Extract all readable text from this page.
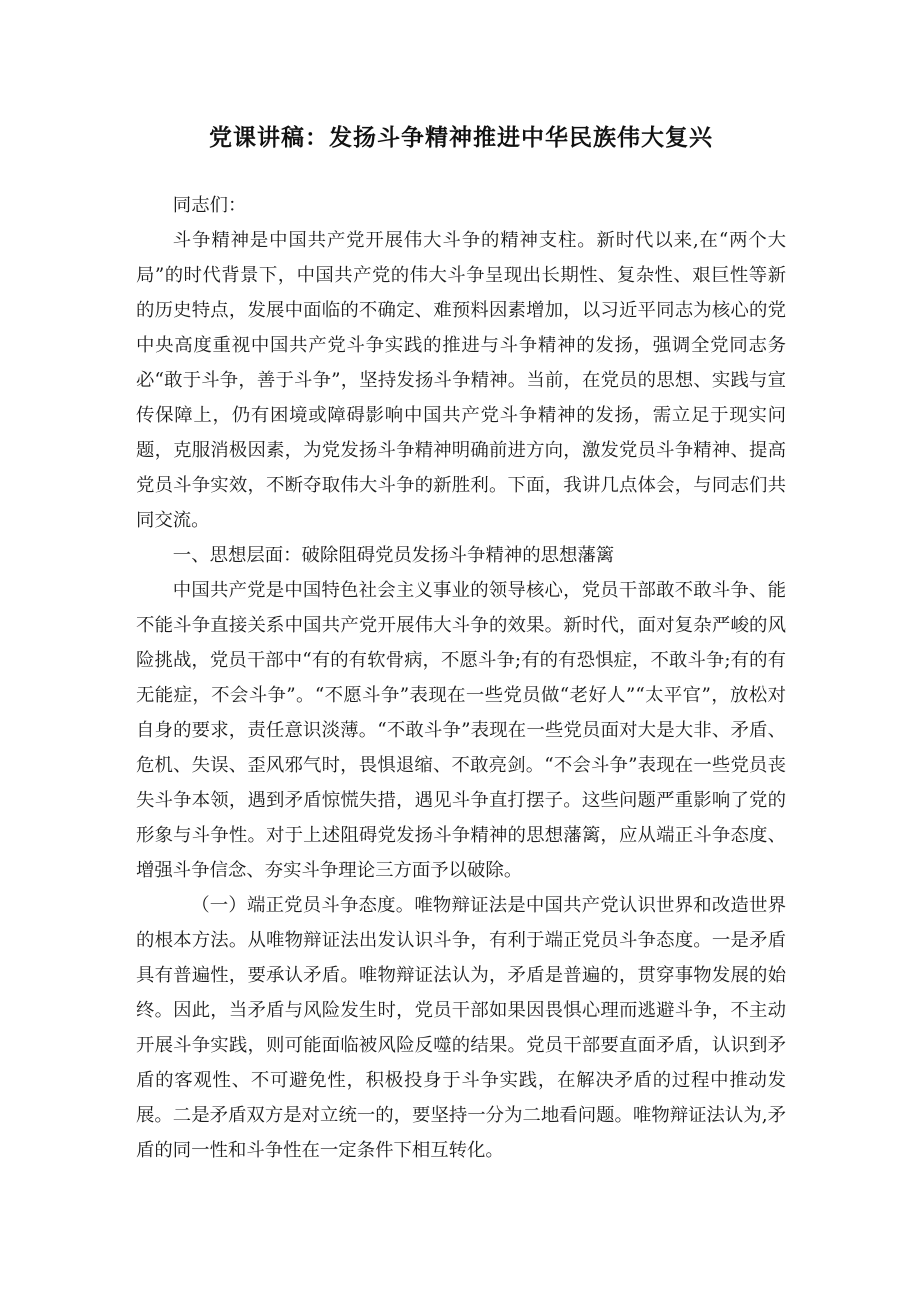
党课讲稿：发扬斗争精神推进中华民族伟大复兴

同志们：

斗争精神是中国共产党开展伟大斗争的精神支柱。新时代以来,在“两个大局”的时代背景下，中国共产党的伟大斗争呈现出长期性、复杂性、艰巨性等新的历史特点，发展中面临的不确定、难预料因素增加，以习近平同志为核心的党中央高度重视中国共产党斗争实践的推进与斗争精神的发扬，强调全党同志务必“敢于斗争，善于斗争”，坚持发扬斗争精神。当前，在党员的思想、实践与宣传保障上，仍有困境或障碍影响中国共产党斗争精神的发扬，需立足于现实问题，克服消极因素，为党发扬斗争精神明确前进方向，激发党员斗争精神、提高党员斗争实效，不断夺取伟大斗争的新胜利。下面，我讲几点体会，与同志们共同交流。

一、思想层面：破除阻碍党员发扬斗争精神的思想藩篱

中国共产党是中国特色社会主义事业的领导核心，党员干部敢不敢斗争、能不能斗争直接关系中国共产党开展伟大斗争的效果。新时代，面对复杂严峻的风险挑战，党员干部中“有的有软骨病，不愿斗争;有的有恐惧症，不敢斗争;有的有无能症，不会斗争”。“不愿斗争”表现在一些党员做“老好人”“太平官”，放松对自身的要求，责任意识淡薄。“不敢斗争”表现在一些党员面对大是大非、矛盾、危机、失误、歪风邪气时，畏惧退缩、不敢亮剑。“不会斗争”表现在一些党员丧失斗争本领，遇到矛盾惊慌失措，遇见斗争直打摆子。这些问题严重影响了党的形象与斗争性。对于上述阻碍党发扬斗争精神的思想藩篱，应从端正斗争态度、增强斗争信念、夯实斗争理论三方面予以破除。

（一）端正党员斗争态度。唯物辩证法是中国共产党认识世界和改造世界的根本方法。从唯物辩证法出发认识斗争，有利于端正党员斗争态度。一是矛盾具有普遍性，要承认矛盾。唯物辩证法认为，矛盾是普遍的，贯穿事物发展的始终。因此，当矛盾与风险发生时，党员干部如果因畏惧心理而逃避斗争，不主动开展斗争实践，则可能面临被风险反噬的结果。党员干部要直面矛盾，认识到矛盾的客观性、不可避免性，积极投身于斗争实践，在解决矛盾的过程中推动发展。二是矛盾双方是对立统一的，要坚持一分为二地看问题。唯物辩证法认为,矛盾的同一性和斗争性在一定条件下相互转化。
